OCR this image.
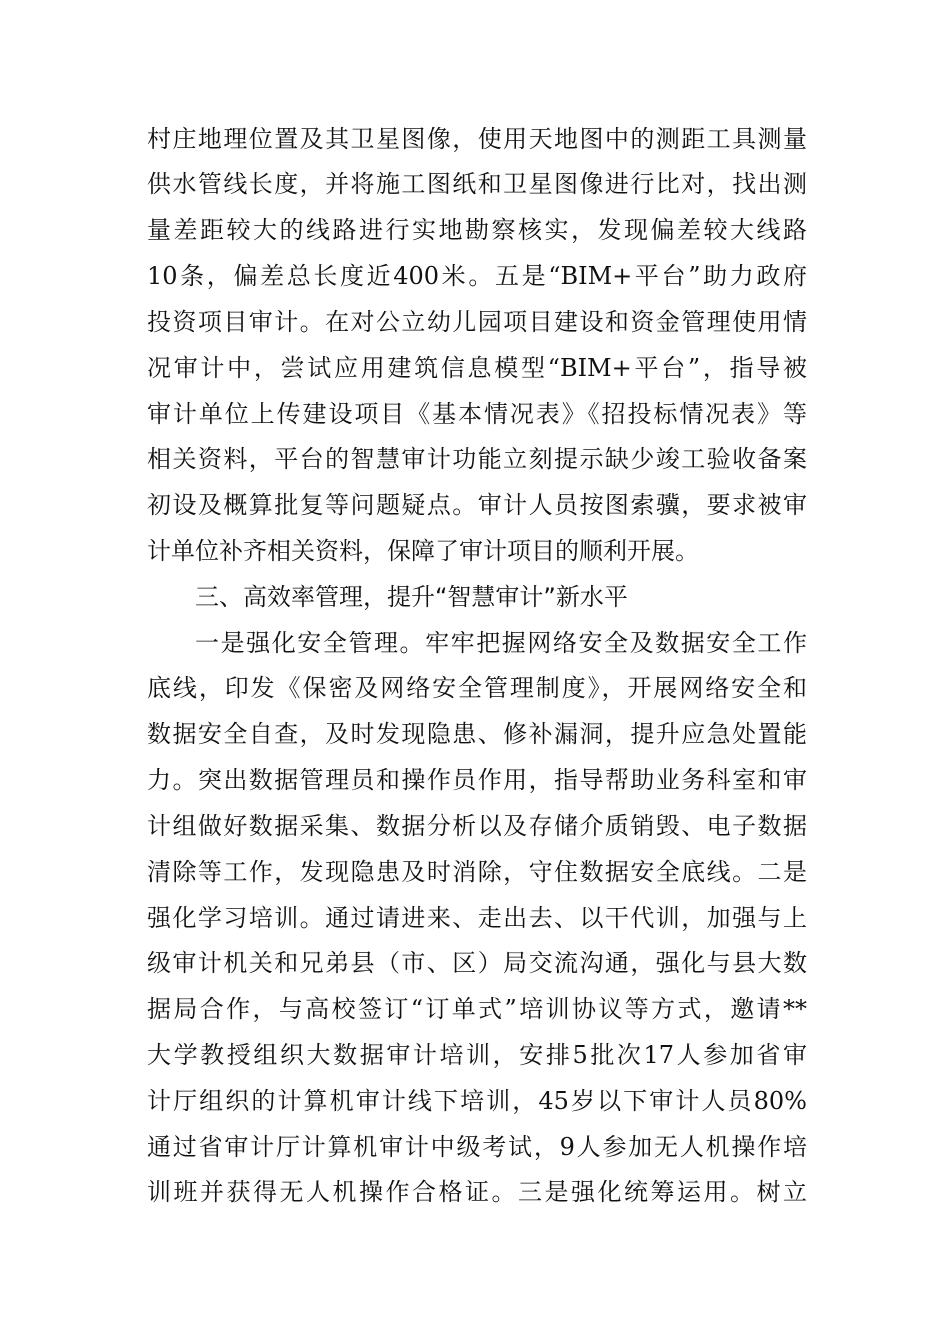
村庄地理位置及其卫星图像，使用天地图中的测距工具测量
供水管线长度，并将施工图纸和卫星图像进行比对，找出测
量差距较大的线路进行实地勘察核实，发现偏差较大线路
10条，偏差总长度近400米。五是“BIM+平台”助力政府
投资项目审计。在对公立幼儿园项目建设和资金管理使用情
况审计中，尝试应用建筑信息模型“BIM+平台”，指导被
审计单位上传建设项目《基本情况表》《招投标情况表》等
相关资料，平台的智慧审计功能立刻提示缺少竣工验收备案
初设及概算批复等问题疑点。审计人员按图索骥，要求被审
计单位补齐相关资料，保障了审计项目的顺利开展。
三、高效率管理，提升“智慧审计”新水平
一是强化安全管理。牢牢把握网络安全及数据安全工作
底线，印发《保密及网络安全管理制度》，开展网络安全和
数据安全自查，及时发现隐患、修补漏洞，提升应急处置能
力。突出数据管理员和操作员作用，指导帮助业务科室和审
计组做好数据采集、数据分析以及存储介质销毁、电子数据
清除等工作，发现隐患及时消除，守住数据安全底线。二是
强化学习培训。通过请进来、走出去、以干代训，加强与上
级审计机关和兄弟县（市、区）局交流沟通，强化与县大数
据局合作，与高校签订“订单式”培训协议等方式，邀请**
大学教授组织大数据审计培训，安排5批次17人参加省审
计厅组织的计算机审计线下培训，45岁以下审计人员80%
通过省审计厅计算机审计中级考试，9人参加无人机操作培
训班并获得无人机操作合格证。三是强化统筹运用。树立
